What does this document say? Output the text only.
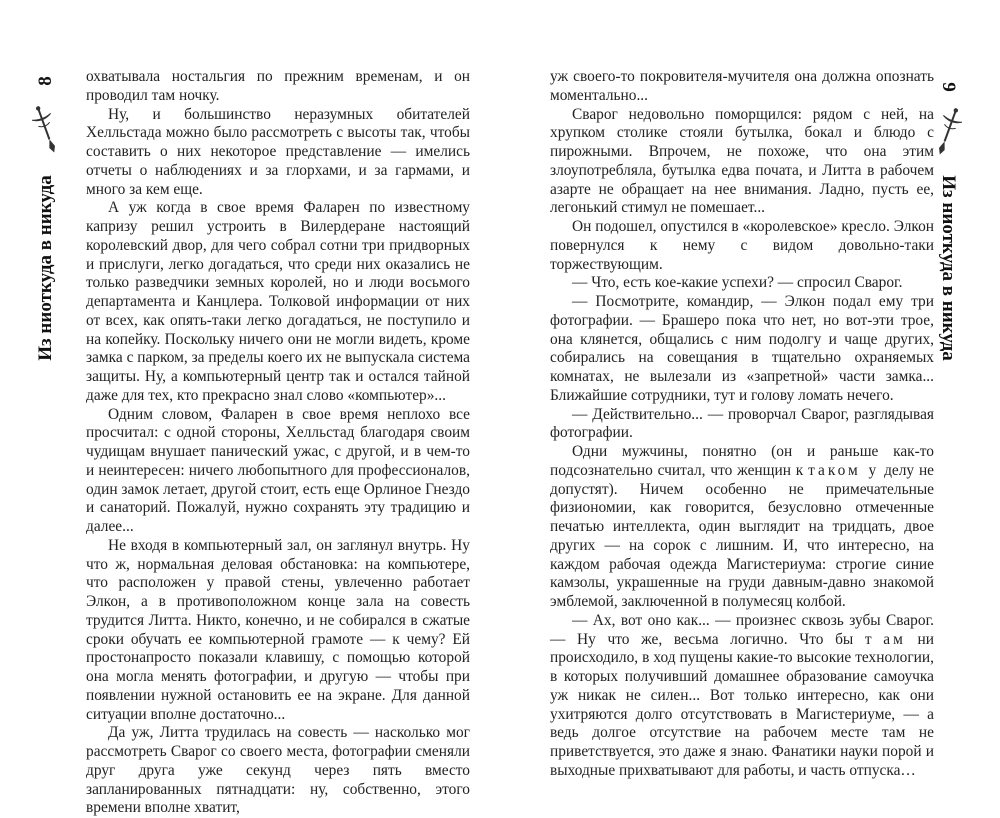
8
Из ниоткуда в никуда

охватывала ностальгия по прежним временам, и он проводил там ночку.

Ну, и большинство неразумных обитателей Хелльстада можно было рассмотреть с высоты так, чтобы составить о них некоторое представление — имелись отчеты о наблюдениях и за глорхами, и за гармами, и много за кем еще.

А уж когда в свое время Фаларен по известному капризу решил устроить в Вилердеране настоящий королевский двор, для чего собрал сотни три придворных и прислуги, легко догадаться, что среди них оказались не только разведчики земных королей, но и люди восьмого департамента и Канцлера. Толковой информации от них от всех, как опять-таки легко догадаться, не поступило и на копейку. Поскольку ничего они не могли видеть, кроме замка с парком, за пределы коего их не выпускала система защиты. Ну, а компьютерный центр так и остался тайной даже для тех, кто прекрасно знал слово «компьютер»...

Одним словом, Фаларен в свое время неплохо все просчитал: с одной стороны, Хелльстад благодаря своим чудищам внушает панический ужас, с другой, и в чем-то и неинтересен: ничего любопытного для профессионалов, один замок летает, другой стоит, есть еще Орлиное Гнездо и санаторий. Пожалуй, нужно сохранять эту традицию и далее...

Не входя в компьютерный зал, он заглянул внутрь. Ну что ж, нормальная деловая обстановка: на компьютере, что расположен у правой стены, увлеченно работает Элкон, а в противоположном конце зала на совесть трудится Литта. Никто, конечно, и не собирался в сжатые сроки обучать ее компьютерной грамоте — к чему? Ей простонапросто показали клавишу, с помощью которой она могла менять фотографии, и другую — чтобы при появлении нужной остановить ее на экране. Для данной ситуации вполне достаточно...

Да уж, Литта трудилась на совесть — насколько мог рассмотреть Сварог со своего места, фотографии сменяли друг друга уже секунд через пять вместо запланированных пятнадцати: ну, собственно, этого времени вполне хватит,

уж своего-то покровителя-мучителя она должна опознать моментально...

Сварог недовольно поморщился: рядом с ней, на хрупком столике стояли бутылка, бокал и блюдо с пирожными. Впрочем, не похоже, что она этим злоупотребляла, бутылка едва почата, и Литта в рабочем азарте не обращает на нее внимания. Ладно, пусть ее, легонький стимул не помешает...

Он подошел, опустился в «королевское» кресло. Элкон повернулся к нему с видом довольно-таки торжествующим.

— Что, есть кое-какие успехи? — спросил Сварог.

— Посмотрите, командир, — Элкон подал ему три фотографии. — Брашеро пока что нет, но вот-эти трое, она клянется, общались с ним подолгу и чаще других, собирались на совещания в тщательно охраняемых комнатах, не вылезали из «запретной» части замка... Ближайшие сотрудники, тут и голову ломать нечего.

— Действительно... — проворчал Сварог, разглядывая фотографии.

Одни мужчины, понятно (он и раньше как-то подсознательно считал, что женщин к таком у делу не допустят). Ничем особенно не примечательные физиономии, как говорится, безусловно отмеченные печатью интеллекта, один выглядит на тридцать, двое других — на сорок с лишним. И, что интересно, на каждом рабочая одежда Магистериума: строгие синие камзолы, украшенные на груди давным-давно знакомой эмблемой, заключенной в полумесяц колбой.

— Ах, вот оно как... — произнес сквозь зубы Сварог. — Ну что же, весьма логично. Что бы т ам ни происходило, в ход пущены какие-то высокие технологии, в которых получивший домашнее образование самоучка уж никак не силен... Вот только интересно, как они ухитряются долго отсутствовать в Магистериуме, — а ведь долгое отсутствие на рабочем месте там не приветствуется, это даже я знаю. Фанатики науки порой и выходные прихватывают для работы, и часть отпуска…

9
Из ниоткуда в никуда
